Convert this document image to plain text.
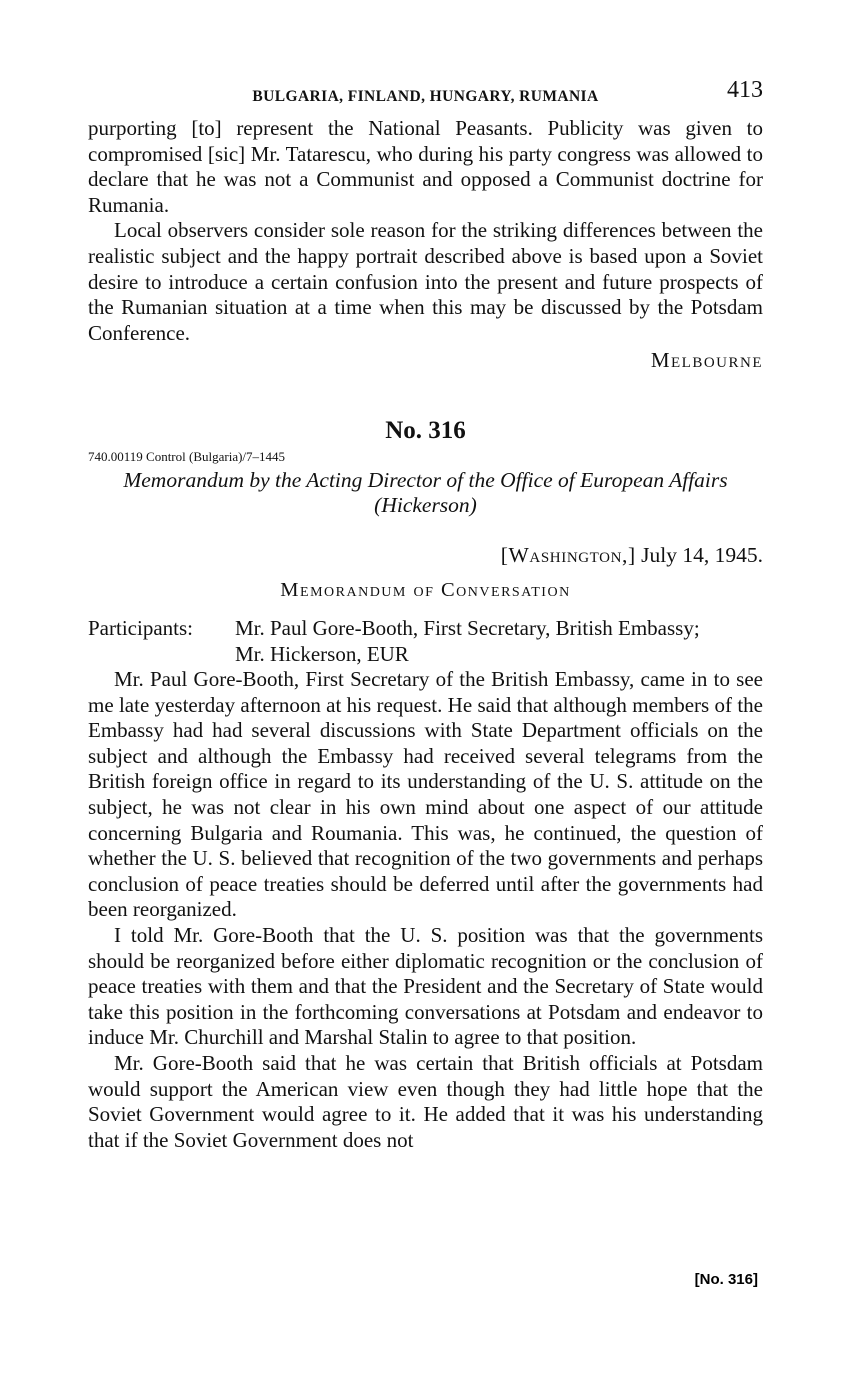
BULGARIA, FINLAND, HUNGARY, RUMANIA	413

purporting [to] represent the National Peasants. Publicity was given to compromised [sic] Mr. Tatarescu, who during his party congress was allowed to declare that he was not a Communist and opposed a Communist doctrine for Rumania.

Local observers consider sole reason for the striking differences between the realistic subject and the happy portrait described above is based upon a Soviet desire to introduce a certain confusion into the present and future prospects of the Rumanian situation at a time when this may be discussed by the Potsdam Conference.

Melbourne
No. 316
740.00119 Control (Bulgaria)/7–1445
Memorandum by the Acting Director of the Office of European Affairs
(Hickerson)
[Washington,] July 14, 1945.
Memorandum of Conversation
Participants:	Mr. Paul Gore-Booth, First Secretary, British Embassy;
Mr. Hickerson, EUR

Mr. Paul Gore-Booth, First Secretary of the British Embassy, came in to see me late yesterday afternoon at his request. He said that although members of the Embassy had had several discussions with State Department officials on the subject and although the Embassy had received several telegrams from the British foreign office in regard to its understanding of the U. S. attitude on the subject, he was not clear in his own mind about one aspect of our attitude concerning Bulgaria and Roumania. This was, he continued, the question of whether the U. S. believed that recognition of the two governments and perhaps conclusion of peace treaties should be deferred until after the governments had been reorganized.

I told Mr. Gore-Booth that the U. S. position was that the governments should be reorganized before either diplomatic recognition or the conclusion of peace treaties with them and that the President and the Secretary of State would take this position in the forthcoming conversations at Potsdam and endeavor to induce Mr. Churchill and Marshal Stalin to agree to that position.

Mr. Gore-Booth said that he was certain that British officials at Potsdam would support the American view even though they had little hope that the Soviet Government would agree to it. He added that it was his understanding that if the Soviet Government does not

[No. 316]
